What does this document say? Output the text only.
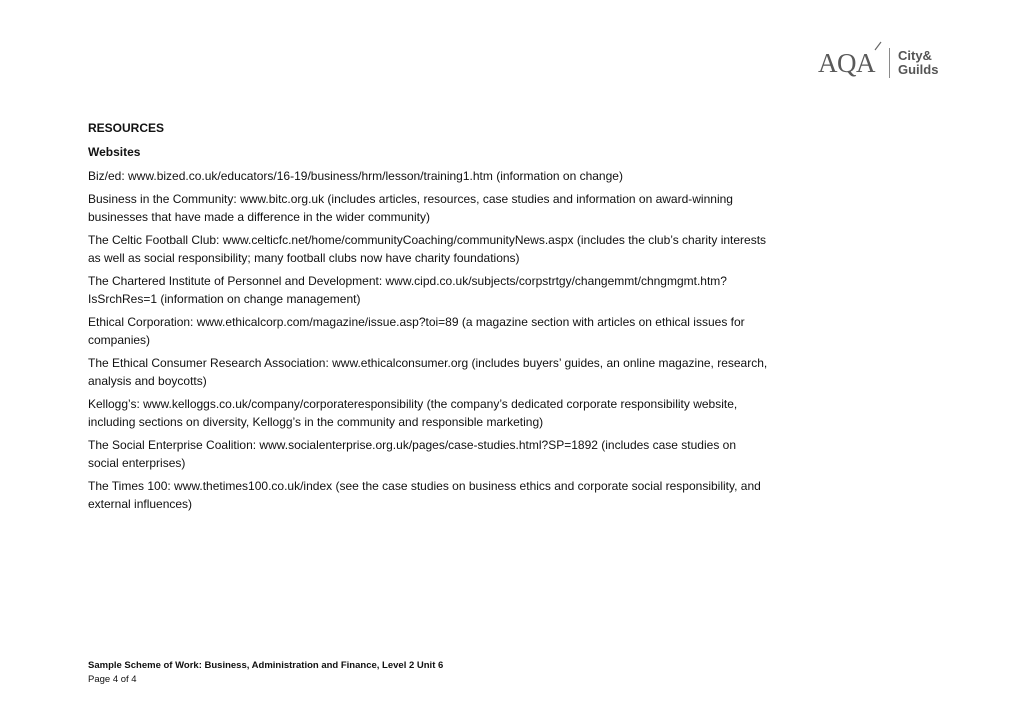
AQA City&
Guilds
RESOURCES
Websites
Biz/ed: www.bized.co.uk/educators/16-19/business/hrm/lesson/training1.htm (information on change)
Business in the Community: www.bitc.org.uk (includes articles, resources, case studies and information on award-winning businesses that have made a difference in the wider community)
The Celtic Football Club: www.celticfc.net/home/communityCoaching/communityNews.aspx (includes the club’s charity interests as well as social responsibility; many football clubs now have charity foundations)
The Chartered Institute of Personnel and Development: www.cipd.co.uk/subjects/corpstrtgy/changemmt/chngmgmt.htm?IsSrchRes=1 (information on change management)
Ethical Corporation: www.ethicalcorp.com/magazine/issue.asp?toi=89 (a magazine section with articles on ethical issues for companies)
The Ethical Consumer Research Association: www.ethicalconsumer.org (includes buyers’ guides, an online magazine, research, analysis and boycotts)
Kellogg’s: www.kelloggs.co.uk/company/corporateresponsibility (the company’s dedicated corporate responsibility website, including sections on diversity, Kellogg’s in the community and responsible marketing)
The Social Enterprise Coalition: www.socialenterprise.org.uk/pages/case-studies.html?SP=1892 (includes case studies on social enterprises)
The Times 100: www.thetimes100.co.uk/index (see the case studies on business ethics and corporate social responsibility, and external influences)
Sample Scheme of Work: Business, Administration and Finance, Level 2 Unit 6
Page 4 of 4
